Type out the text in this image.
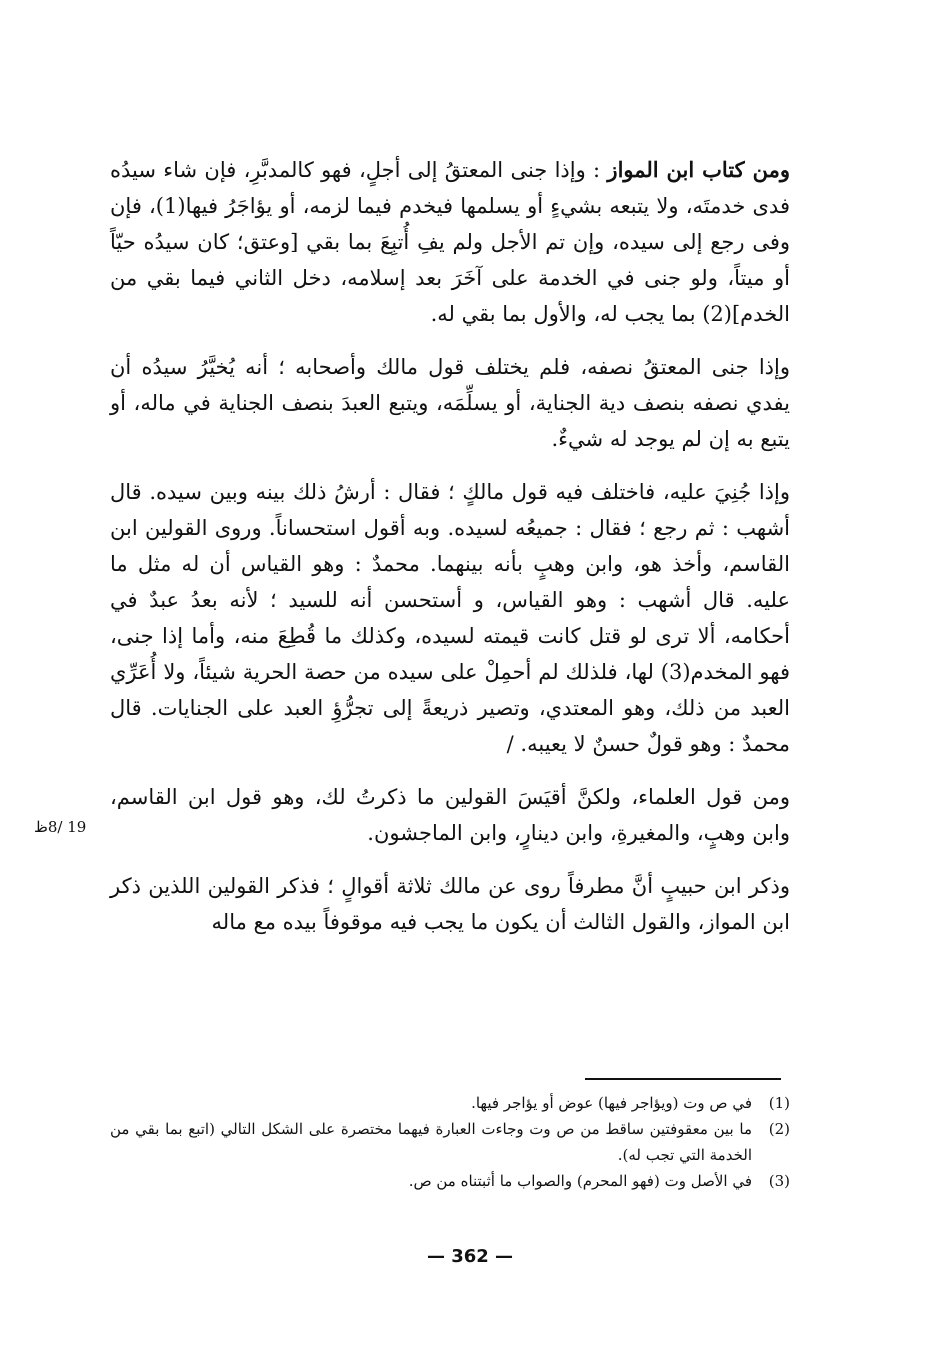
ومن كتاب ابن المواز : وإذا جنى المعتقُ إلى أجلٍ، فهو كالمدبَّرِ، فإن شاء سيدُه فدى خدمتَه، ولا يتبعه بشيءٍ أو يسلمها فيخدم فيما لزمه، أو يؤاجَرُ فيها(1)، فإن وفى رجع إلى سيده، وإن تم الأجل ولم يفِ أُتبِعَ بما بقي [وعتق؛ كان سيدُه حيّاً أو ميتاً، ولو جنى في الخدمة على آخَرَ بعد إسلامه، دخل الثاني فيما بقي من الخدم](2) بما يجب له، والأول بما بقي له.

وإذا جنى المعتقُ نصفه، فلم يختلف قول مالك وأصحابه ؛ أنه يُخيَّرُ سيدُه أن يفدي نصفه بنصف دية الجناية، أو يسلِّمَه، ويتبع العبدَ بنصف الجناية في ماله، أو يتبع به إن لم يوجد له شيءٌ.

وإذا جُنِيَ عليه، فاختلف فيه قول مالكٍ ؛ فقال : أرشُ ذلك بينه وبين سيده. قال أشهب : ثم رجع ؛ فقال : جميعُه لسيده. وبه أقول استحساناً. وروى القولين ابن القاسم، وأخذ هو، وابن وهبٍ بأنه بينهما. محمدٌ : وهو القياس أن له مثل ما عليه. قال أشهب : وهو القياس، و أستحسن أنه للسيد ؛ لأنه بعدُ عبدٌ في أحكامه، ألا ترى لو قتل كانت قيمته لسيده، وكذلك ما قُطِعَ منه، وأما إذا جنى، فهو المخدم(3) لها، فلذلك لم أحمِلْ على سيده من حصة الحرية شيئاً، ولا أُعَرِّي العبد من ذلك، وهو المعتدي، وتصير ذريعةً إلى تجرُّؤِ العبد على الجنايات. قال محمدٌ : وهو قولٌ حسنٌ لا يعيبه. /

ومن قول العلماء، ولكنَّ أقيَسَ القولين ما ذكرتُ لك، وهو قول ابن القاسم، وابن وهبٍ، والمغيرةِ، وابن دينارٍ، وابن الماجشون.

وذكر ابن حبيبٍ أنَّ مطرفاً روى عن مالك ثلاثة أقوالٍ ؛ فذكر القولين اللذين ذكر ابن المواز، والقول الثالث أن يكون ما يجب فيه موقوفاً بيده مع ماله

19 /8ظ
(1)
في ص وت (ويؤاجر فيها) عوض أو يؤاجر فيها.
(2)
ما بين معقوفتين ساقط من ص وت وجاءت العبارة فيهما مختصرة على الشكل التالي (اتبع بما بقي من الخدمة التي تجب له).
(3)
في الأصل وت (فهو المحرم) والصواب ما أثبتناه من ص.
— 362 —
